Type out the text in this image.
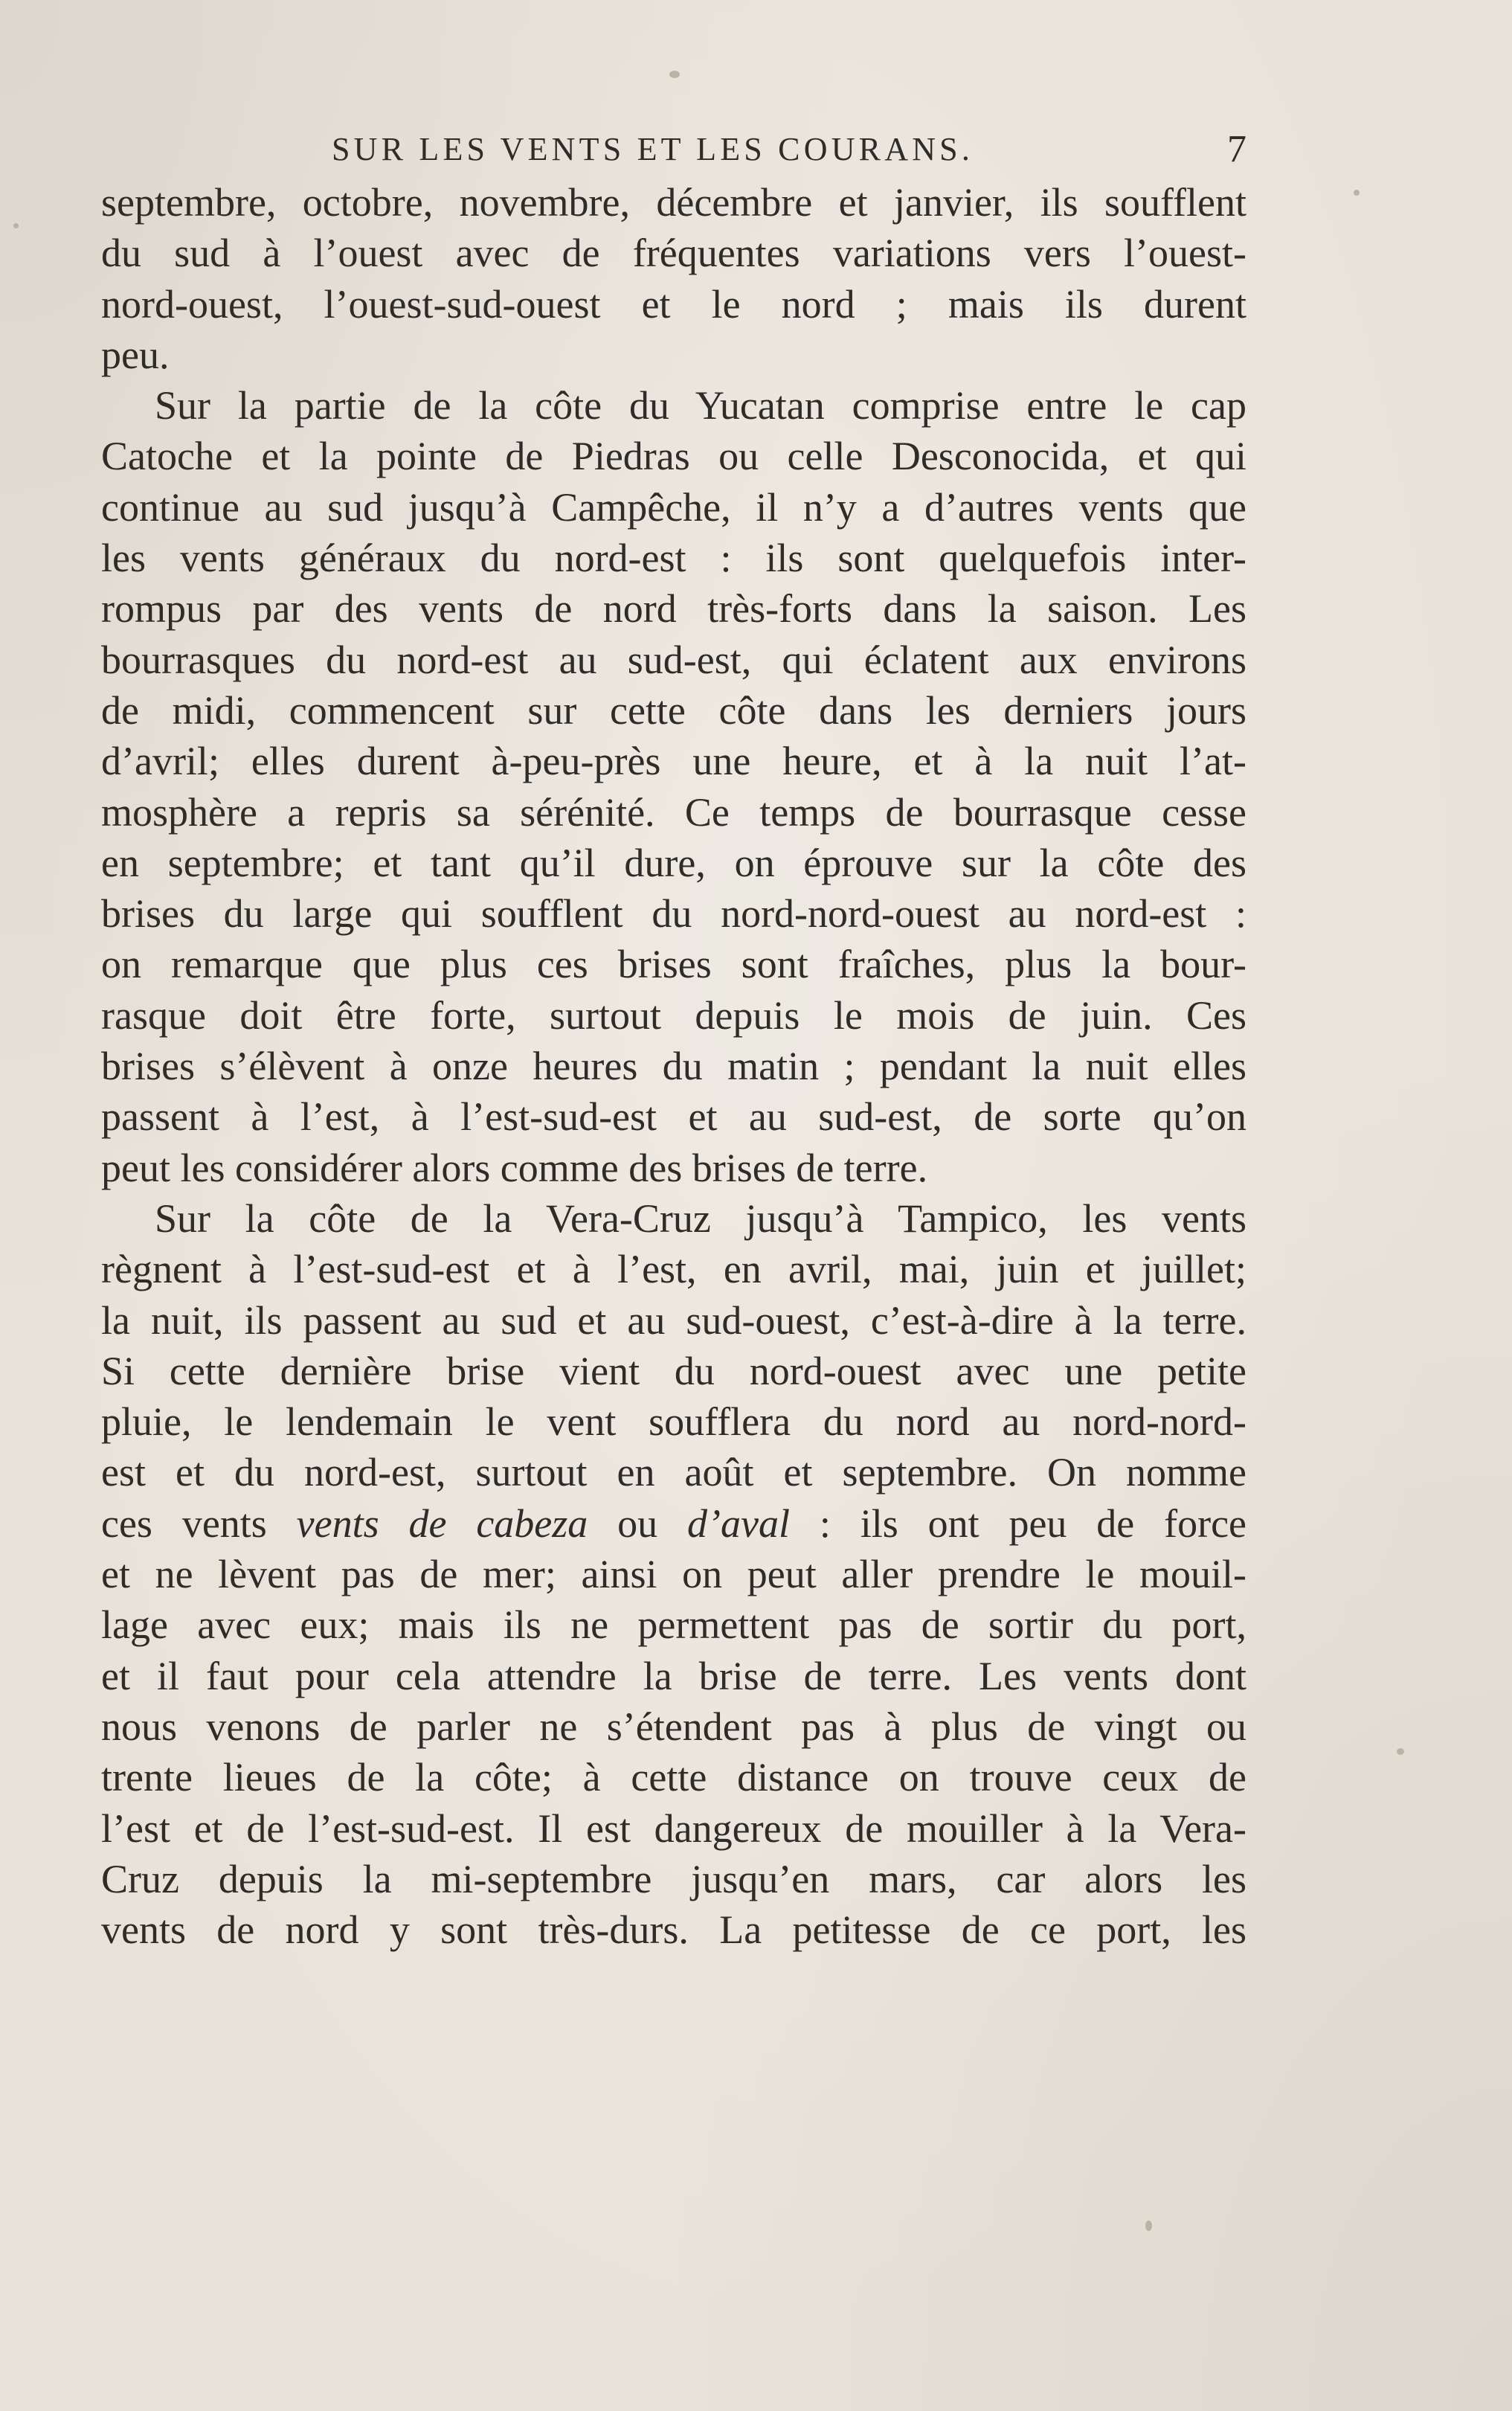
SUR LES VENTS ET LES COURANS.	7
septembre, octobre, novembre, décembre et janvier, ils soufflent
du sud à l’ouest avec de fréquentes variations vers l’ouest-
nord-ouest, l’ouest-sud-ouest et le nord ; mais ils durent
peu.
Sur la partie de la côte du Yucatan comprise entre le cap
Catoche et la pointe de Piedras ou celle Desconocida, et qui
continue au sud jusqu’à Campêche, il n’y a d’autres vents que
les vents généraux du nord-est : ils sont quelquefois inter-
rompus par des vents de nord très-forts dans la saison. Les
bourrasques du nord-est au sud-est, qui éclatent aux environs
de midi, commencent sur cette côte dans les derniers jours
d’avril; elles durent à-peu-près une heure, et à la nuit l’at-
mosphère a repris sa sérénité. Ce temps de bourrasque cesse
en septembre; et tant qu’il dure, on éprouve sur la côte des
brises du large qui soufflent du nord-nord-ouest au nord-est :
on remarque que plus ces brises sont fraîches, plus la bour-
rasque doit être forte, surtout depuis le mois de juin. Ces
brises s’élèvent à onze heures du matin ; pendant la nuit elles
passent à l’est, à l’est-sud-est et au sud-est, de sorte qu’on
peut les considérer alors comme des brises de terre.
Sur la côte de la Vera-Cruz jusqu’à Tampico, les vents
règnent à l’est-sud-est et à l’est, en avril, mai, juin et juillet;
la nuit, ils passent au sud et au sud-ouest, c’est-à-dire à la terre.
Si cette dernière brise vient du nord-ouest avec une petite
pluie, le lendemain le vent soufflera du nord au nord-nord-
est et du nord-est, surtout en août et septembre. On nomme
ces vents vents de cabeza ou d’aval : ils ont peu de force
et ne lèvent pas de mer; ainsi on peut aller prendre le mouil-
lage avec eux; mais ils ne permettent pas de sortir du port,
et il faut pour cela attendre la brise de terre. Les vents dont
nous venons de parler ne s’étendent pas à plus de vingt ou
trente lieues de la côte; à cette distance on trouve ceux de
l’est et de l’est-sud-est. Il est dangereux de mouiller à la Vera-
Cruz depuis la mi-septembre jusqu’en mars, car alors les
vents de nord y sont très-durs. La petitesse de ce port, les
